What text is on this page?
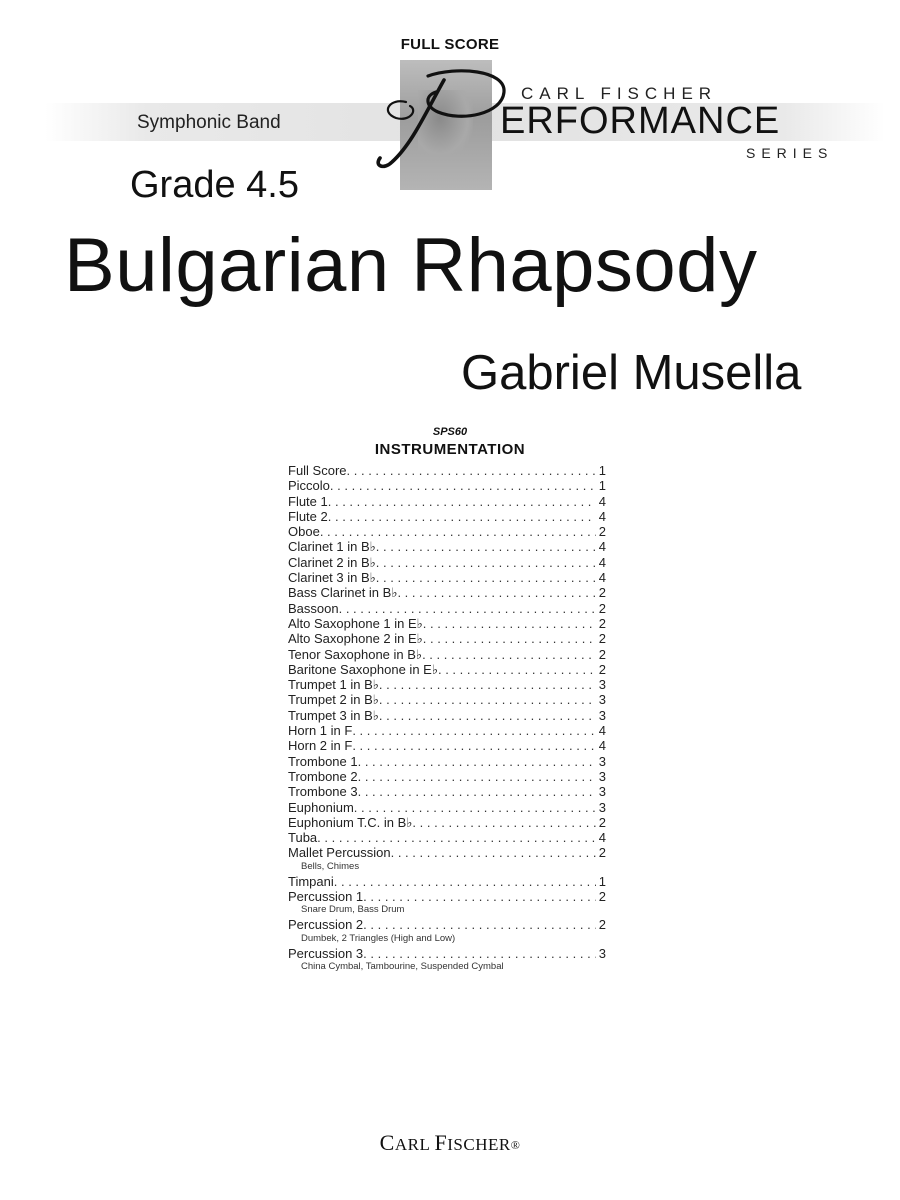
FULL SCORE
Symphonic Band
CARL FISCHER
ERFORMANCE
SERIES
Grade 4.5
Bulgarian Rhapsody
Gabriel Musella
SPS60
INSTRUMENTATION
Full Score . . .	1
Piccolo . . .	1
Flute 1 . . .	4
Flute 2 . . .	4
Oboe . . .	2
Clarinet 1 in B♭ . . .	4
Clarinet 2 in B♭ . . .	4
Clarinet 3 in B♭ . . .	4
Bass Clarinet in B♭ . . .	2
Bassoon . . .	2
Alto Saxophone 1 in E♭ . . .	2
Alto Saxophone 2 in E♭ . . .	2
Tenor Saxophone in B♭ . . .	2
Baritone Saxophone in E♭ . . .	2
Trumpet 1 in B♭ . . .	3
Trumpet 2 in B♭ . . .	3
Trumpet 3 in B♭ . . .	3
Horn 1 in F . . .	4
Horn 2 in F . . .	4
Trombone 1 . . .	3
Trombone 2 . . .	3
Trombone 3 . . .	3
Euphonium . . .	3
Euphonium T.C. in B♭ . . .	2
Tuba . . .	4
Mallet Percussion . . .	2
Bells, Chimes
Timpani . . .	1
Percussion 1 . . .	2
Snare Drum, Bass Drum
Percussion 2 . . .	2
Dumbek, 2 Triangles (High and Low)
Percussion 3 . . .	3
China Cymbal, Tambourine, Suspended Cymbal
CARL FISCHER®
